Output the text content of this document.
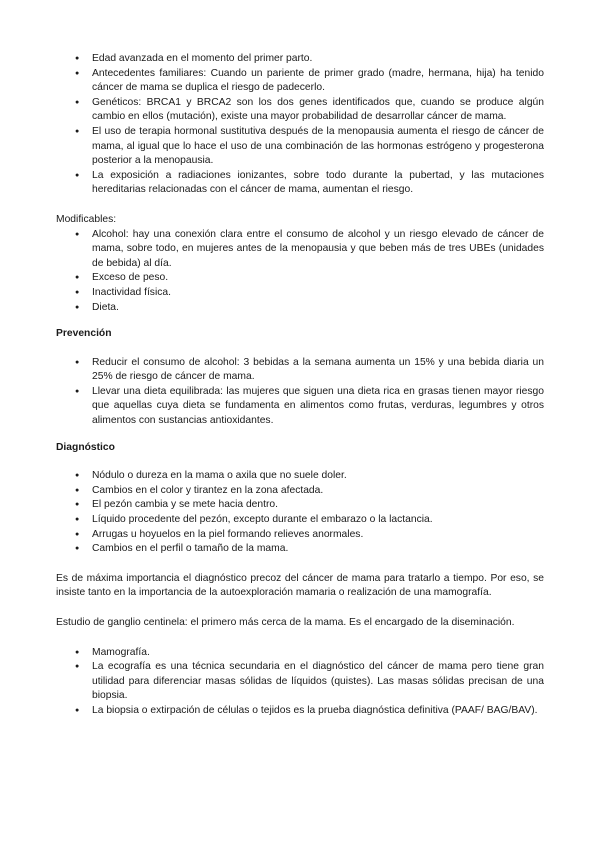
● Edad avanzada en el momento del primer parto.
● Antecedentes familiares: Cuando un pariente de primer grado (madre, hermana, hija) ha tenido cáncer de mama se duplica el riesgo de padecerlo.
● Genéticos: BRCA1 y BRCA2 son los dos genes identificados que, cuando se produce algún cambio en ellos (mutación), existe una mayor probabilidad de desarrollar cáncer de mama.
● El uso de terapia hormonal sustitutiva después de la menopausia aumenta el riesgo de cáncer de mama, al igual que lo hace el uso de una combinación de las hormonas estrógeno y progesterona posterior a la menopausia.
● La exposición a radiaciones ionizantes, sobre todo durante la pubertad, y las mutaciones hereditarias relacionadas con el cáncer de mama, aumentan el riesgo.

Modificables:

● Alcohol: hay una conexión clara entre el consumo de alcohol y un riesgo elevado de cáncer de mama, sobre todo, en mujeres antes de la menopausia y que beben más de tres UBEs (unidades de bebida) al día.
● Exceso de peso.
● Inactividad física.
● Dieta.

Prevención

● Reducir el consumo de alcohol: 3 bebidas a la semana aumenta un 15% y una bebida diaria un 25% de riesgo de cáncer de mama.
● Llevar una dieta equilibrada: las mujeres que siguen una dieta rica en grasas tienen mayor riesgo que aquellas cuya dieta se fundamenta en alimentos como frutas, verduras, legumbres y otros alimentos con sustancias antioxidantes.

Diagnóstico

● Nódulo o dureza en la mama o axila que no suele doler.
● Cambios en el color y tirantez en la zona afectada.
● El pezón cambia y se mete hacia dentro.
● Líquido procedente del pezón, excepto durante el embarazo o la lactancia.
● Arrugas u hoyuelos en la piel formando relieves anormales.
● Cambios en el perfil o tamaño de la mama.

Es de máxima importancia el diagnóstico precoz del cáncer de mama para tratarlo a tiempo. Por eso, se insiste tanto en la importancia de la autoexploración mamaria o realización de una mamografía.

Estudio de ganglio centinela: el primero más cerca de la mama. Es el encargado de la diseminación.

● Mamografía.
● La ecografía es una técnica secundaria en el diagnóstico del cáncer de mama pero tiene gran utilidad para diferenciar masas sólidas de líquidos (quistes). Las masas sólidas precisan de una biopsia.
● La biopsia o extirpación de células o tejidos es la prueba diagnóstica definitiva (PAAF/ BAG/BAV).
